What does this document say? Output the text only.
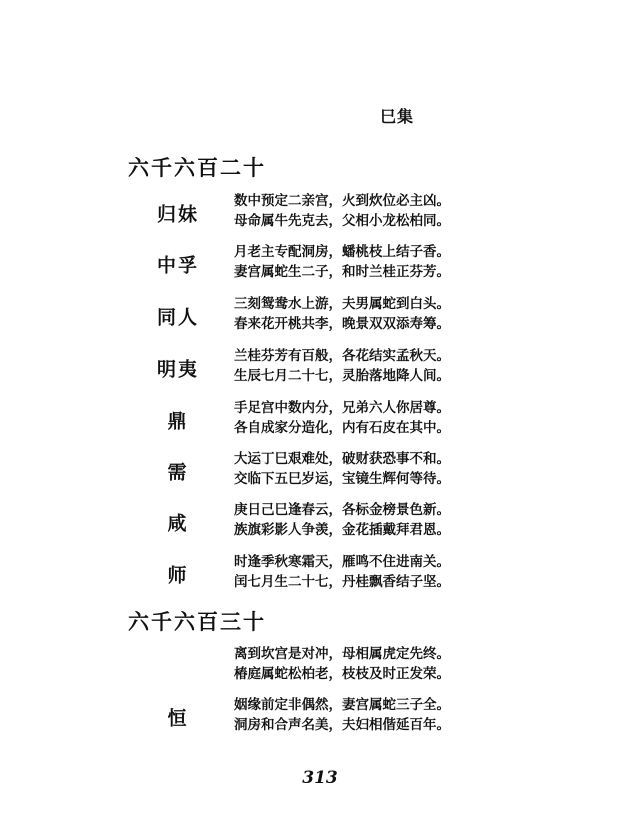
巳集
六千六百二十
归妹
数中预定二亲宫，火到炊位必主凶。
母命属牛先克去，父相小龙松柏同。
中孚
月老主专配洞房，蟠桃枝上结子香。
妻宫属蛇生二子，和时兰桂正芬芳。
同人
三刻鸳鸯水上游，夫男属蛇到白头。
春来花开桃共李，晚景双双添寿筹。
明夷
兰桂芬芳有百般，各花结实孟秋天。
生辰七月二十七，灵胎落地降人间。
鼎
手足宫中数内分，兄弟六人你居尊。
各自成家分造化，内有石皮在其中。
需
大运丁巳艰难处，破财获恐事不和。
交临下五巳岁运，宝镜生辉何等待。
咸
庚日己巳逢春云，各标金榜景色新。
族旗彩影人争羡，金花插戴拜君恩。
师
时逢季秋寒霜天，雁鸣不住进南关。
闰七月生二十七，丹桂飘香结子坚。
六千六百三十
离到坎宫是对冲，母相属虎定先终。
椿庭属蛇松柏老，枝枝及时正发荣。
恒
姻缘前定非偶然，妻宫属蛇三子全。
洞房和合声名美，夫妇相偕延百年。
313
